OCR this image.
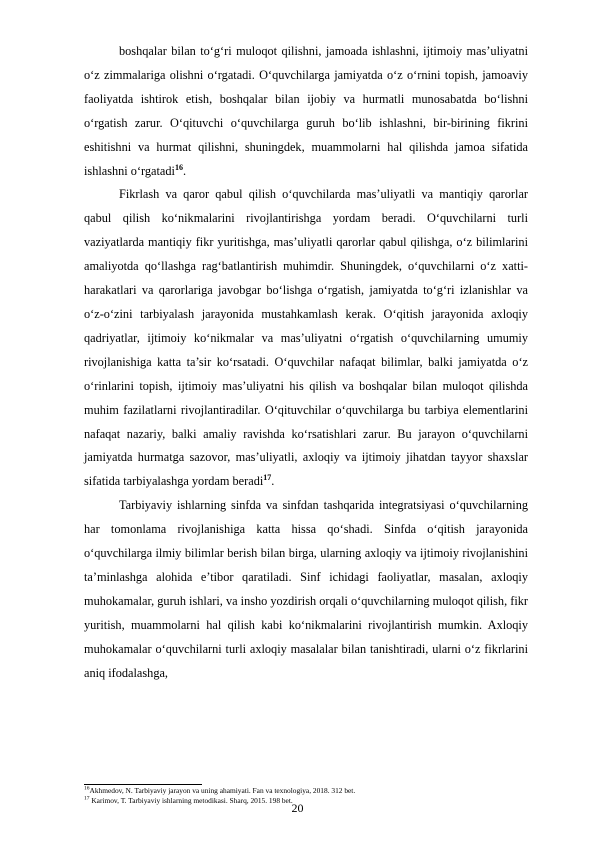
boshqalar bilan to‘g‘ri muloqot qilishni, jamoada ishlashni, ijtimoiy mas’uliyatni o‘z zimmalariga olishni o‘rgatadi. O‘quvchilarga jamiyatda o‘z o‘rnini topish, jamoaviy faoliyatda ishtirok etish, boshqalar bilan ijobiy va hurmatli munosabatda bo‘lishni o‘rgatish zarur. O‘qituvchi o‘quvchilarga guruh bo‘lib ishlashni, bir-birining fikrini eshitishni va hurmat qilishni, shuningdek, muammolarni hal qilishda jamoa sifatida ishlashni o‘rgatadi$^{16}$.

Fikrlash va qaror qabul qilish o‘quvchilarda mas’uliyatli va mantiqiy qarorlar qabul qilish ko‘nikmalarini rivojlantirishga yordam beradi. O‘quvchilarni turli vaziyatlarda mantiqiy fikr yuritishga, mas’uliyatli qarorlar qabul qilishga, o‘z bilimlarini amaliyotda qo‘llashga rag‘batlantirish muhimdir. Shuningdek, o‘quvchilarni o‘z xatti-harakatlari va qarorlariga javobgar bo‘lishga o‘rgatish, jamiyatda to‘g‘ri izlanishlar va o‘z-o‘zini tarbiyalash jarayonida mustahkamlash kerak. O‘qitish jarayonida axloqiy qadriyatlar, ijtimoiy ko‘nikmalar va mas’uliyatni o‘rgatish o‘quvchilarning umumiy rivojlanishiga katta ta’sir ko‘rsatadi. O‘quvchilar nafaqat bilimlar, balki jamiyatda o‘z o‘rinlarini topish, ijtimoiy mas’uliyatni his qilish va boshqalar bilan muloqot qilishda muhim fazilatlarni rivojlantiradilar. O‘qituvchilar o‘quvchilarga bu tarbiya elementlarini nafaqat nazariy, balki amaliy ravishda ko‘rsatishlari zarur. Bu jarayon o‘quvchilarni jamiyatda hurmatga sazovor, mas’uliyatli, axloqiy va ijtimoiy jihatdan tayyor shaxslar sifatida tarbiyalashga yordam beradi$^{17}$.

Tarbiyaviy ishlarning sinfda va sinfdan tashqarida integratsiyasi o‘quvchilarning har tomonlama rivojlanishiga katta hissa qo‘shadi. Sinfda o‘qitish jarayonida o‘quvchilarga ilmiy bilimlar berish bilan birga, ularning axloqiy va ijtimoiy rivojlanishini ta’minlashga alohida e’tibor qaratiladi. Sinf ichidagi faoliyatlar, masalan, axloqiy muhokamalar, guruh ishlari, va insho yozdirish orqali o‘quvchilarning muloqot qilish, fikr yuritish, muammolarni hal qilish kabi ko‘nikmalarini rivojlantirish mumkin. Axloqiy muhokamalar o‘quvchilarni turli axloqiy masalalar bilan tanishtiradi, ularni o‘z fikrlarini aniq ifodalashga,

$^{16}$Akhmedov, N. Tarbiyaviy jarayon va uning ahamiyati. Fan va texnologiya, 2018. 312 bet.

$^{17}$ Karimov, T. Tarbiyaviy ishlarning metodikasi. Sharq, 2015. 198 bet.

20
